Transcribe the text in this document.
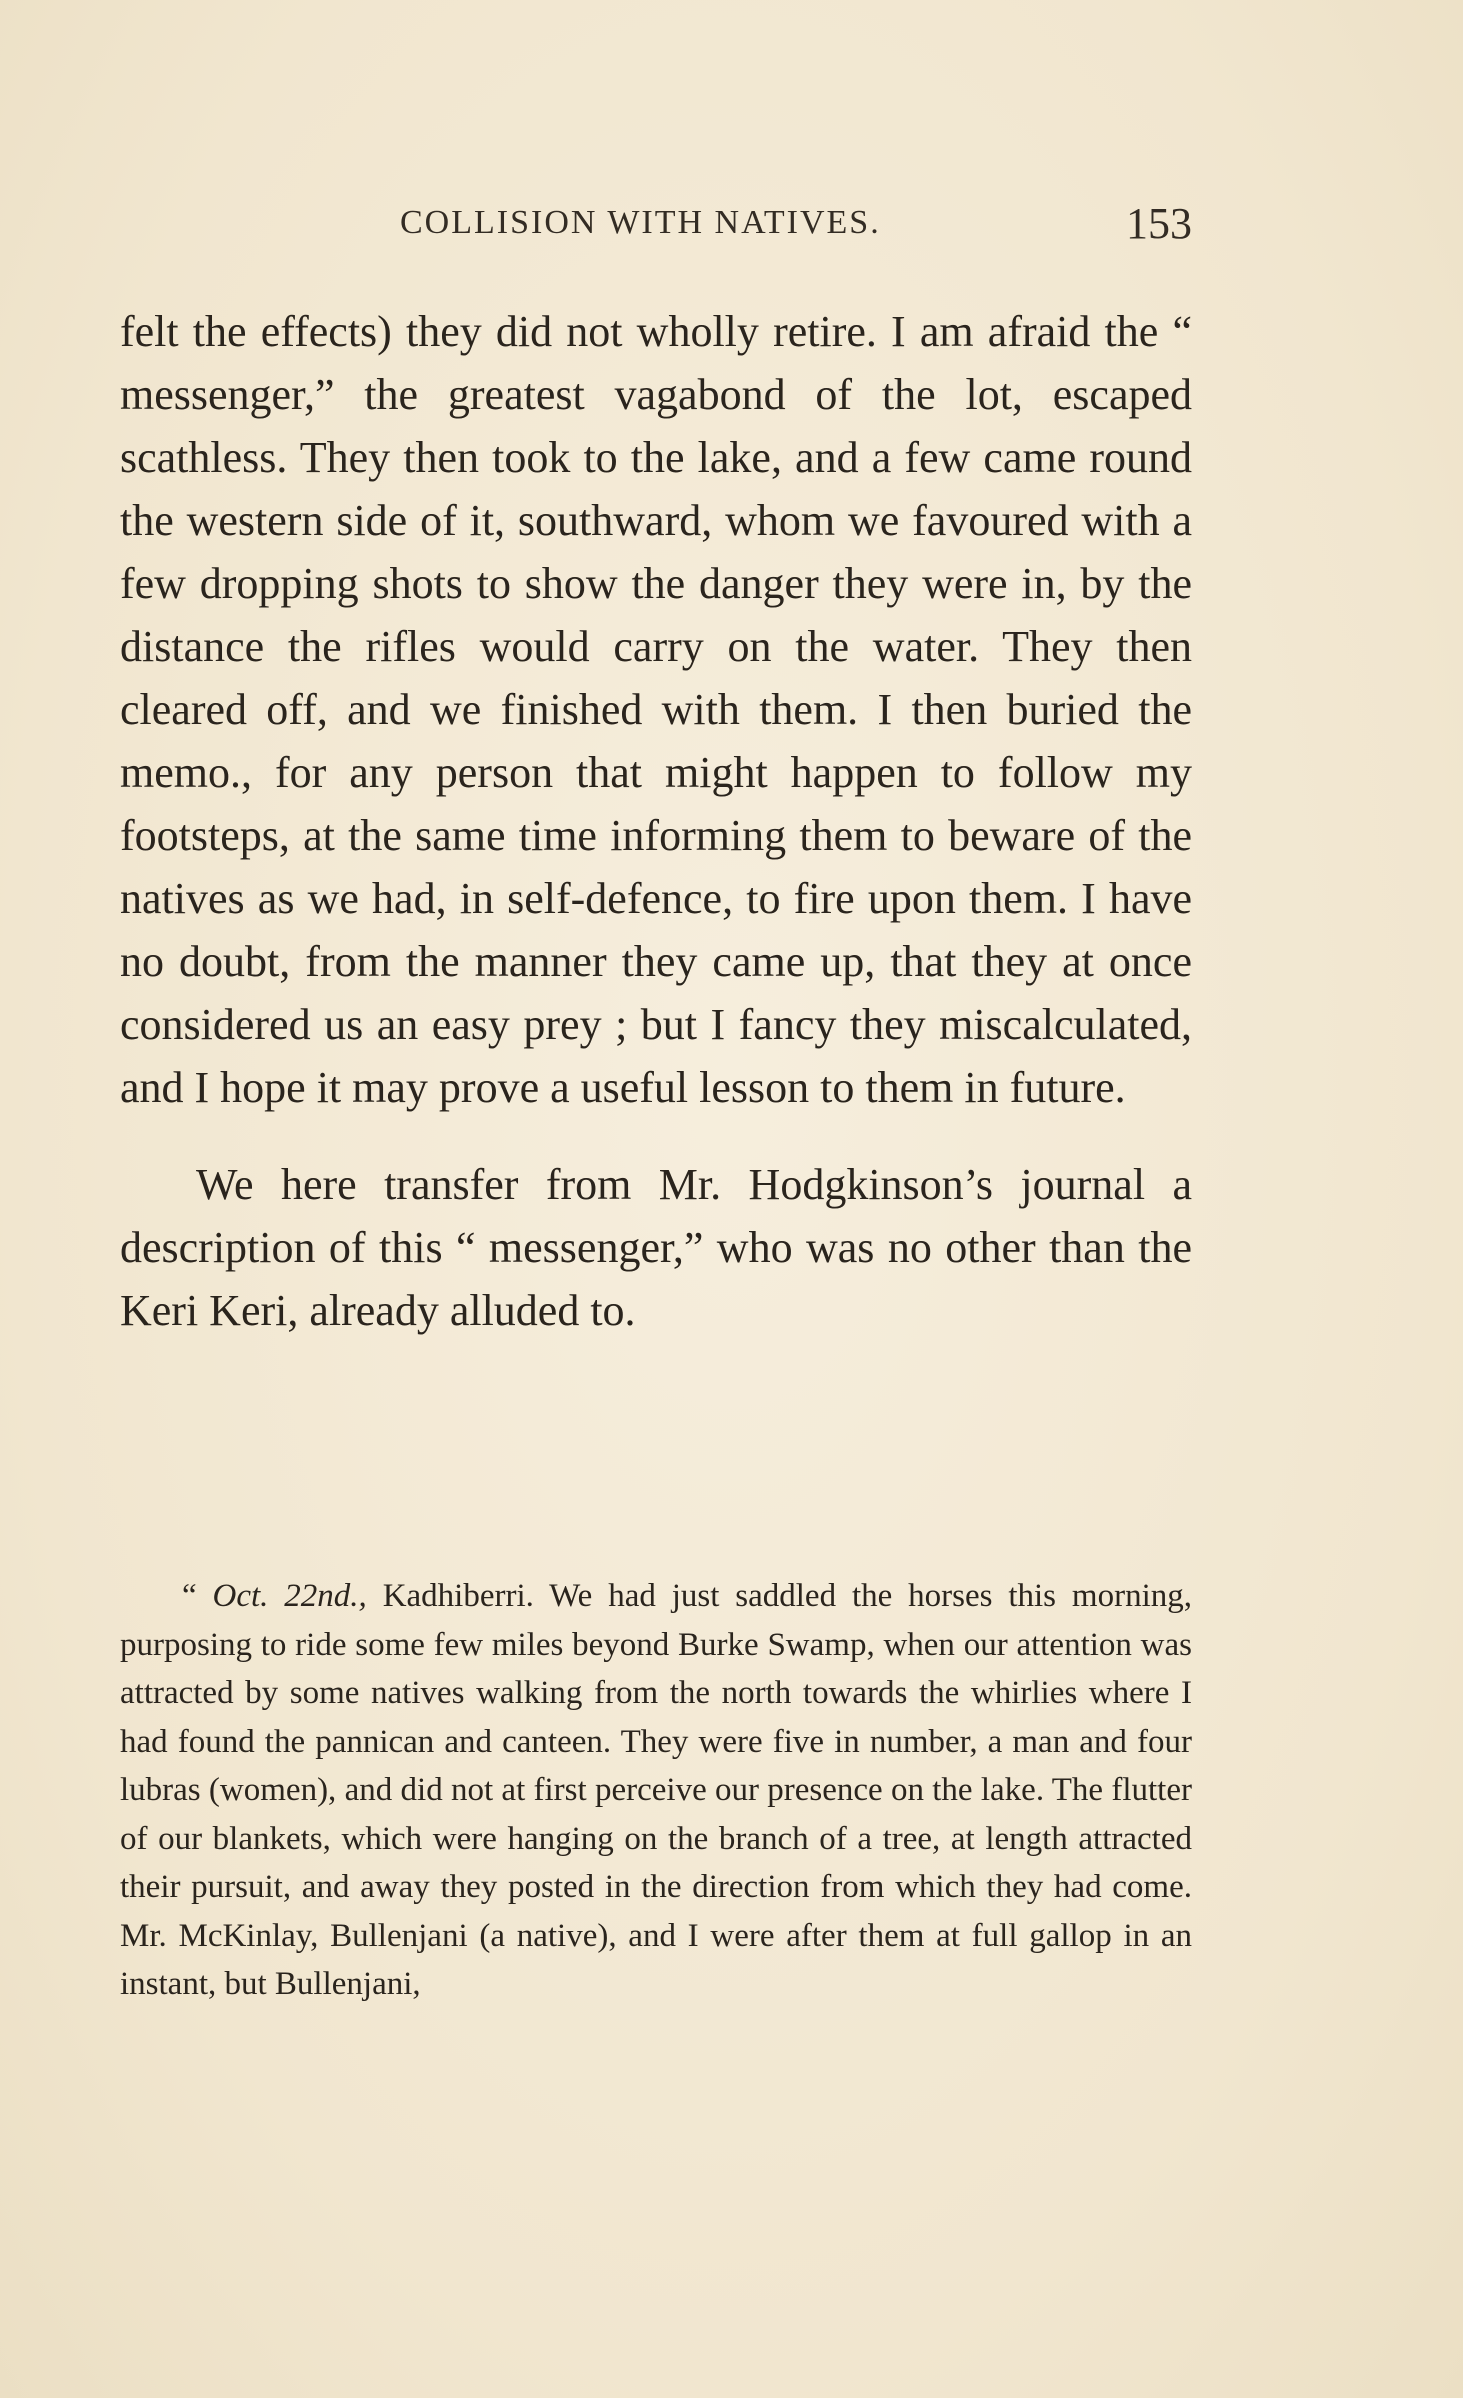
COLLISION WITH NATIVES.	153

felt the effects) they did not wholly retire. I am afraid the “ messenger,” the greatest vagabond of the lot, escaped scathless. They then took to the lake, and a few came round the western side of it, southward, whom we favoured with a few dropping shots to show the danger they were in, by the distance the rifles would carry on the water. They then cleared off, and we finished with them. I then buried the memo., for any person that might happen to follow my footsteps, at the same time informing them to beware of the natives as we had, in self-defence, to fire upon them. I have no doubt, from the manner they came up, that they at once considered us an easy prey ; but I fancy they miscalculated, and I hope it may prove a useful lesson to them in future.

We here transfer from Mr. Hodgkinson’s journal a description of this “ messenger,” who was no other than the Keri Keri, already alluded to.

“ Oct. 22nd., Kadhiberri. We had just saddled the horses this morning, purposing to ride some few miles beyond Burke Swamp, when our attention was attracted by some natives walking from the north towards the whirlies where I had found the pannican and canteen. They were five in number, a man and four lubras (women), and did not at first perceive our presence on the lake. The flutter of our blankets, which were hanging on the branch of a tree, at length attracted their pursuit, and away they posted in the direction from which they had come. Mr. McKinlay, Bullenjani (a native), and I were after them at full gallop in an instant, but Bullenjani,
